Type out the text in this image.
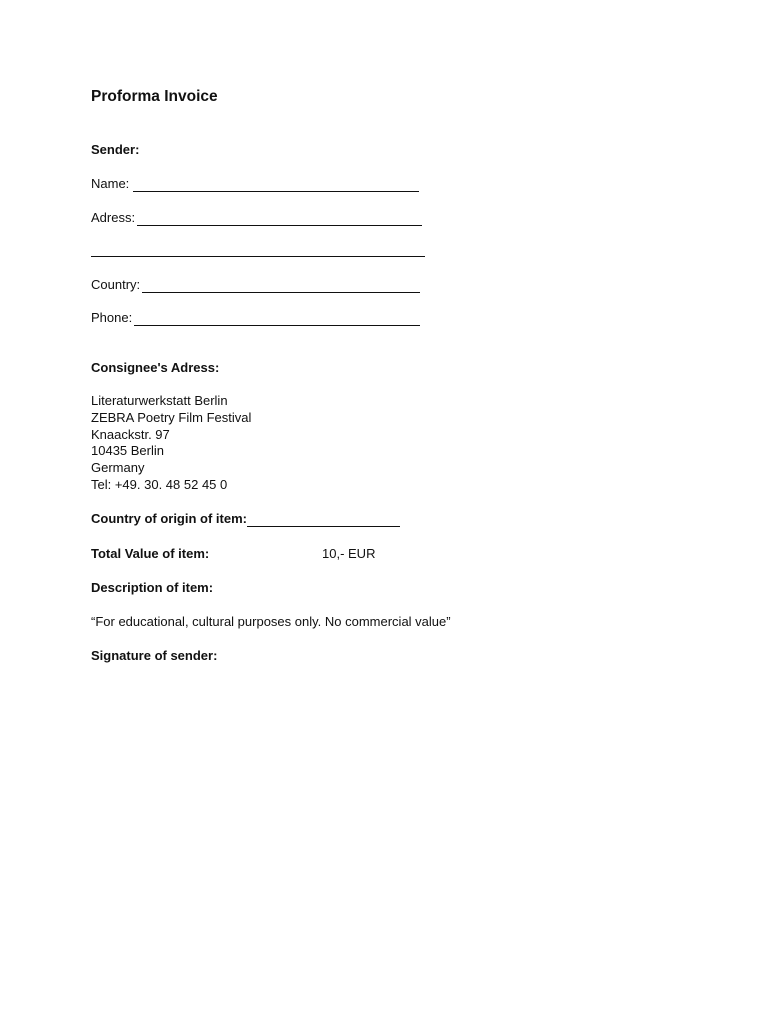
Proforma Invoice
Sender:
Name:
Adress:
Country:
Phone:
Consignee's Adress:
Literaturwerkstatt Berlin
ZEBRA Poetry Film Festival
Knaackstr. 97
10435 Berlin
Germany
Tel: +49. 30. 48 52 45 0
Country of origin of item:
Total Value of item:	10,- EUR
Description of item:
“For educational, cultural purposes only. No commercial value”
Signature of sender:
